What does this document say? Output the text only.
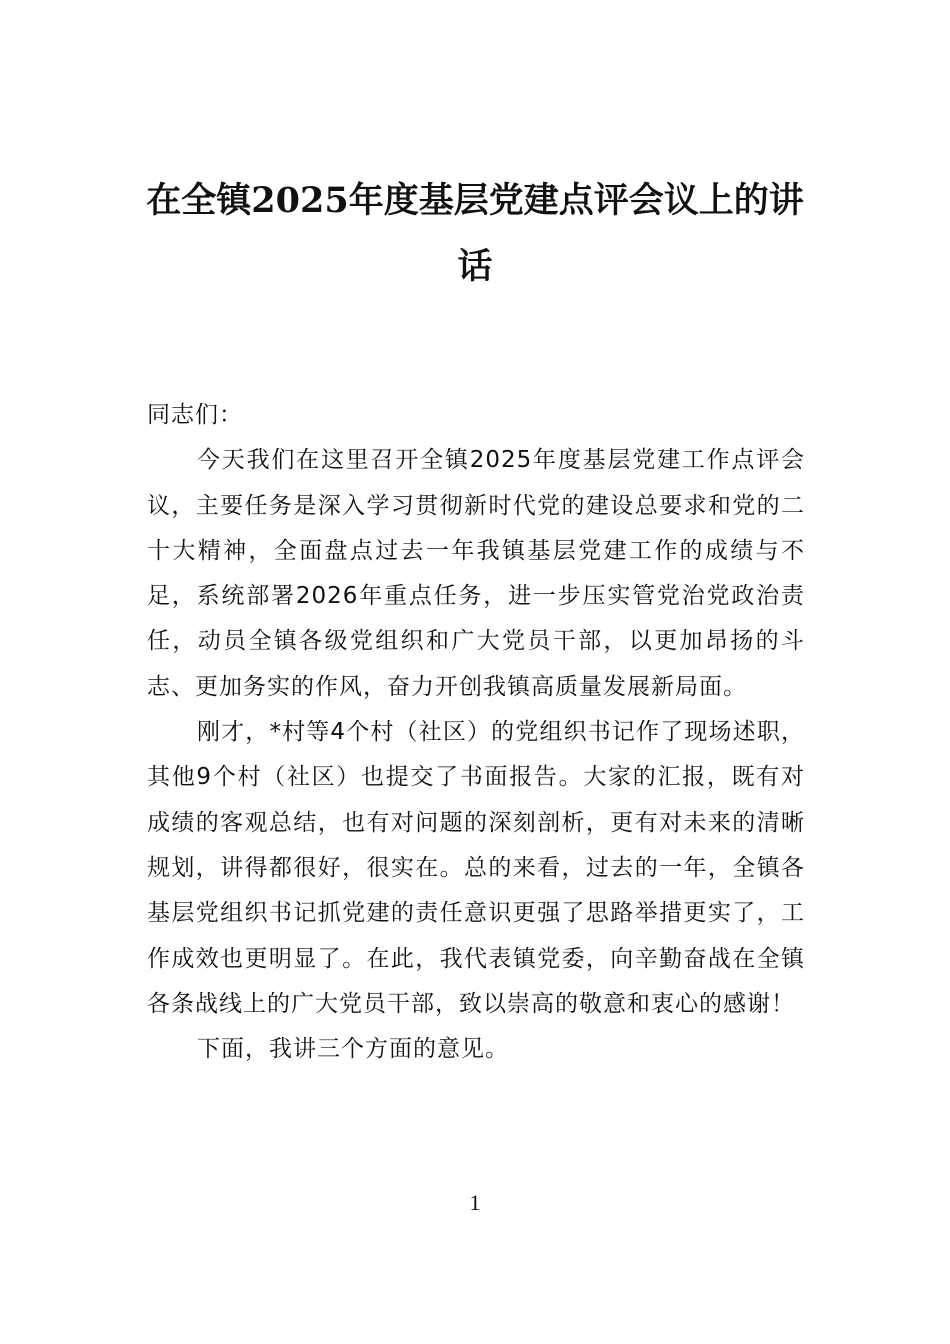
在全镇2025年度基层党建点评会议上的讲话

同志们：

今天我们在这里召开全镇2025年度基层党建工作点评会议，主要任务是深入学习贯彻新时代党的建设总要求和党的二十大精神，全面盘点过去一年我镇基层党建工作的成绩与不足，系统部署2026年重点任务，进一步压实管党治党政治责任，动员全镇各级党组织和广大党员干部，以更加昂扬的斗志、更加务实的作风，奋力开创我镇高质量发展新局面。

刚才，*村等4个村（社区）的党组织书记作了现场述职，其他9个村（社区）也提交了书面报告。大家的汇报，既有对成绩的客观总结，也有对问题的深刻剖析，更有对未来的清晰规划，讲得都很好，很实在。总的来看，过去的一年，全镇各基层党组织书记抓党建的责任意识更强了思路举措更实了，工作成效也更明显了。在此，我代表镇党委，向辛勤奋战在全镇各条战线上的广大党员干部，致以崇高的敬意和衷心的感谢！

下面，我讲三个方面的意见。

1
